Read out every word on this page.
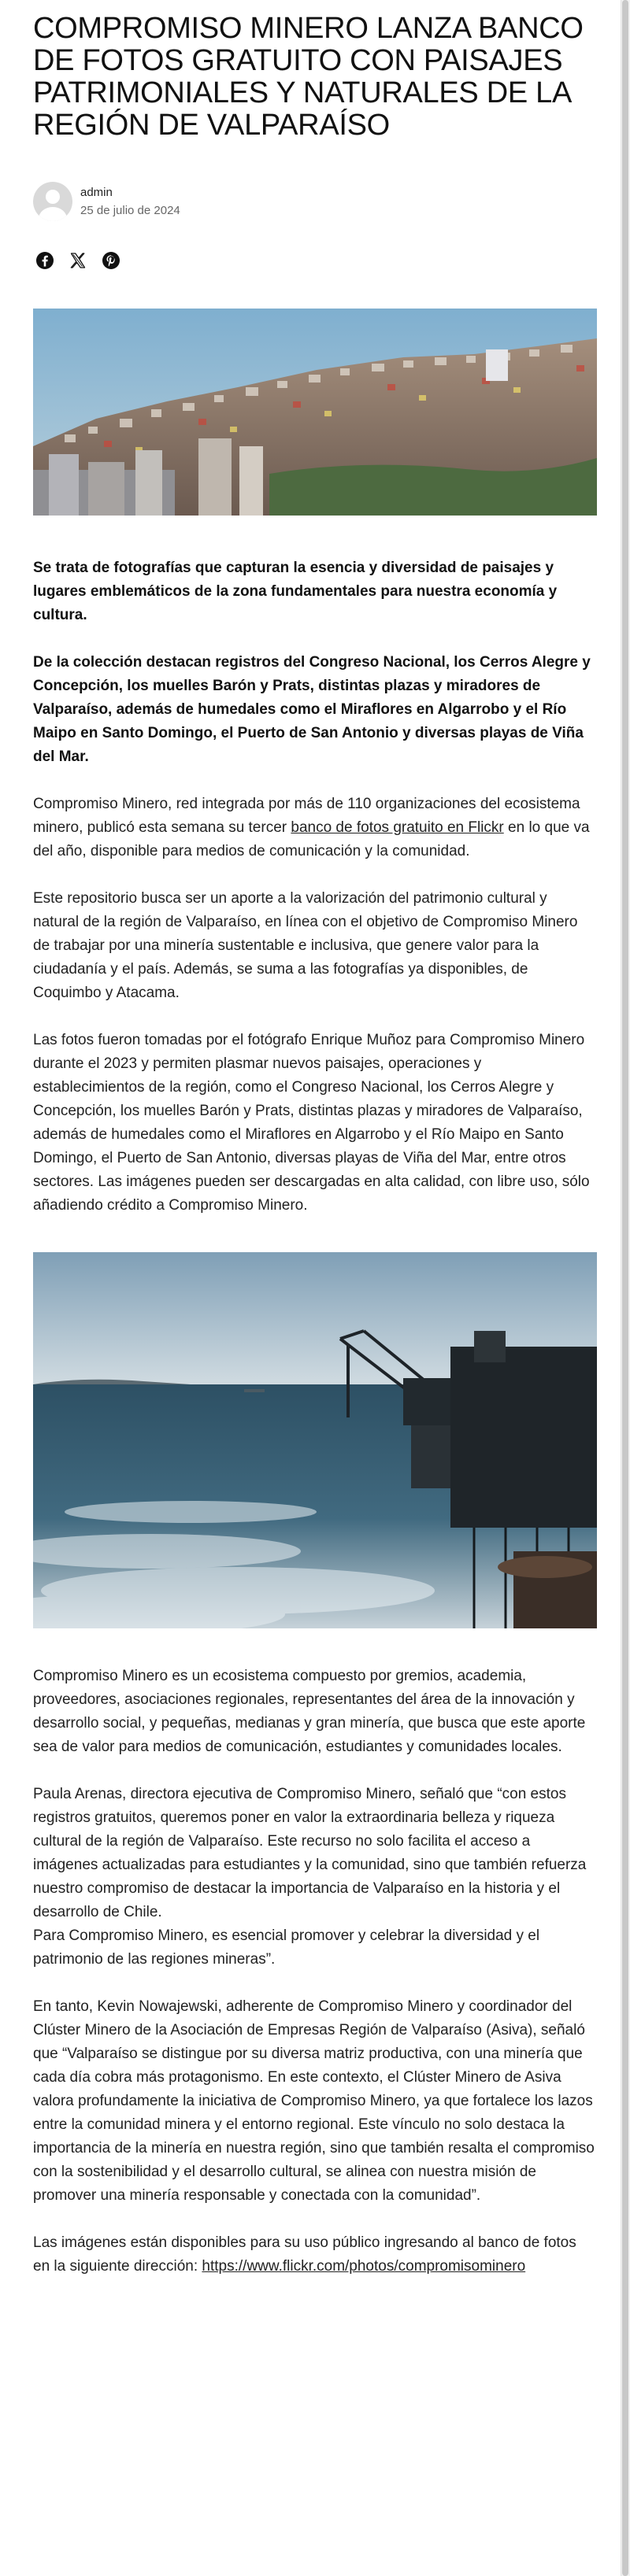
COMPROMISO MINERO LANZA BANCO DE FOTOS GRATUITO CON PAISAJES PATRIMONIALES Y NATURALES DE LA REGIÓN DE VALPARAÍSO
admin
25 de julio de 2024

Se trata de fotografías que capturan la esencia y diversidad de paisajes y lugares emblemáticos de la zona fundamentales para nuestra economía y cultura.

De la colección destacan registros del Congreso Nacional, los Cerros Alegre y Concepción, los muelles Barón y Prats, distintas plazas y miradores de Valparaíso, además de humedales como el Miraflores en Algarrobo y el Río Maipo en Santo Domingo, el Puerto de San Antonio y diversas playas de Viña del Mar.

Compromiso Minero, red integrada por más de 110 organizaciones del ecosistema minero, publicó esta semana su tercer banco de fotos gratuito en Flickr en lo que va del año, disponible para medios de comunicación y la comunidad.

Este repositorio busca ser un aporte a la valorización del patrimonio cultural y natural de la región de Valparaíso, en línea con el objetivo de Compromiso Minero de trabajar por una minería sustentable e inclusiva, que genere valor para la ciudadanía y el país. Además, se suma a las fotografías ya disponibles, de Coquimbo y Atacama.

Las fotos fueron tomadas por el fotógrafo Enrique Muñoz para Compromiso Minero durante el 2023 y permiten plasmar nuevos paisajes, operaciones y establecimientos de la región, como el Congreso Nacional, los Cerros Alegre y Concepción, los muelles Barón y Prats, distintas plazas y miradores de Valparaíso, además de humedales como el Miraflores en Algarrobo y el Río Maipo en Santo Domingo, el Puerto de San Antonio, diversas playas de Viña del Mar, entre otros sectores. Las imágenes pueden ser descargadas en alta calidad, con libre uso, sólo añadiendo crédito a Compromiso Minero.

Compromiso Minero es un ecosistema compuesto por gremios, academia, proveedores, asociaciones regionales, representantes del área de la innovación y desarrollo social, y pequeñas, medianas y gran minería, que busca que este aporte sea de valor para medios de comunicación, estudiantes y comunidades locales.

Paula Arenas, directora ejecutiva de Compromiso Minero, señaló que “con estos registros gratuitos, queremos poner en valor la extraordinaria belleza y riqueza cultural de la región de Valparaíso. Este recurso no solo facilita el acceso a imágenes actualizadas para estudiantes y la comunidad, sino que también refuerza nuestro compromiso de destacar la importancia de Valparaíso en la historia y el desarrollo de Chile.

Para Compromiso Minero, es esencial promover y celebrar la diversidad y el patrimonio de las regiones mineras”.

En tanto, Kevin Nowajewski, adherente de Compromiso Minero y coordinador del Clúster Minero de la Asociación de Empresas Región de Valparaíso (Asiva), señaló que “Valparaíso se distingue por su diversa matriz productiva, con una minería que cada día cobra más protagonismo. En este contexto, el Clúster Minero de Asiva valora profundamente la iniciativa de Compromiso Minero, ya que fortalece los lazos entre la comunidad minera y el entorno regional. Este vínculo no solo destaca la importancia de la minería en nuestra región, sino que también resalta el compromiso con la sostenibilidad y el desarrollo cultural, se alinea con nuestra misión de promover una minería responsable y conectada con la comunidad”.

Las imágenes están disponibles para su uso público ingresando al banco de fotos en la siguiente dirección: https://www.flickr.com/photos/compromisominero
